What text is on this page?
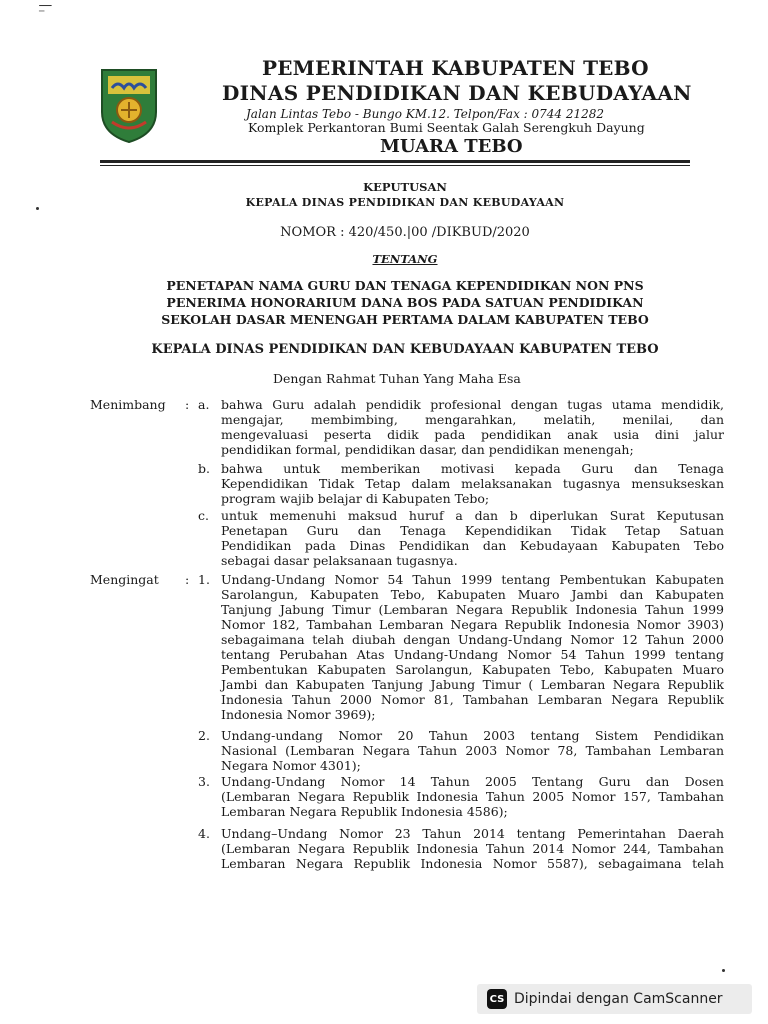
⁻͞
PEMERINTAH KABUPATEN TEBO
DINAS PENDIDIKAN DAN KEBUDAYAAN
Jalan Lintas Tebo - Bungo KM.12. Telpon/Fax : 0744 21282
Komplek Perkantoran Bumi Seentak Galah Serengkuh Dayung
MUARA TEBO
KEPUTUSAN
KEPALA DINAS PENDIDIKAN DAN KEBUDAYAAN
NOMOR : 420/450.|00 /DIKBUD/2020
TENTANG
PENETAPAN NAMA GURU DAN TENAGA KEPENDIDIKAN NON PNS
PENERIMA HONORARIUM DANA BOS PADA SATUAN PENDIDIKAN
SEKOLAH DASAR MENENGAH PERTAMA DALAM KABUPATEN TEBO
KEPALA DINAS PENDIDIKAN DAN KEBUDAYAAN KABUPATEN TEBO
Dengan Rahmat Tuhan Yang Maha Esa
Menimbang : a. bahwa Guru adalah pendidik profesional dengan tugas utama mendidik,
mengajar, membimbing, mengarahkan, melatih, menilai, dan
mengevaluasi peserta didik pada pendidikan anak usia dini jalur
pendidikan formal, pendidikan dasar, dan pendidikan menengah;
b. bahwa untuk memberikan motivasi kepada Guru dan Tenaga
Kependidikan Tidak Tetap dalam melaksanakan tugasnya mensukseskan
program wajib belajar di Kabupaten Tebo;
c. untuk memenuhi maksud huruf a dan b diperlukan Surat Keputusan
Penetapan Guru dan Tenaga Kependidikan Tidak Tetap Satuan
Pendidikan pada Dinas Pendidikan dan Kebudayaan Kabupaten Tebo
sebagai dasar pelaksanaan tugasnya.
Mengingat : 1. Undang-Undang Nomor 54 Tahun 1999 tentang Pembentukan Kabupaten
Sarolangun, Kabupaten Tebo, Kabupaten Muaro Jambi dan Kabupaten
Tanjung Jabung Timur (Lembaran Negara Republik Indonesia Tahun 1999
Nomor 182, Tambahan Lembaran Negara Republik Indonesia Nomor 3903)
sebagaimana telah diubah dengan Undang-Undang Nomor 12 Tahun 2000
tentang Perubahan Atas Undang-Undang Nomor 54 Tahun 1999 tentang
Pembentukan Kabupaten Sarolangun, Kabupaten Tebo, Kabupaten Muaro
Jambi dan Kabupaten Tanjung Jabung Timur ( Lembaran Negara Republik
Indonesia Tahun 2000 Nomor 81, Tambahan Lembaran Negara Republik
Indonesia Nomor 3969);
2. Undang-undang Nomor 20 Tahun 2003 tentang Sistem Pendidikan
Nasional (Lembaran Negara Tahun 2003 Nomor 78, Tambahan Lembaran
Negara Nomor 4301);
3. Undang-Undang Nomor 14 Tahun 2005 Tentang Guru dan Dosen
(Lembaran Negara Republik Indonesia Tahun 2005 Nomor 157, Tambahan
Lembaran Negara Republik Indonesia 4586);
4. Undang–Undang Nomor 23 Tahun 2014 tentang Pemerintahan Daerah
(Lembaran Negara Republik Indonesia Tahun 2014 Nomor 244, Tambahan
Lembaran Negara Republik Indonesia Nomor 5587), sebagaimana telah
CS Dipindai dengan CamScanner
